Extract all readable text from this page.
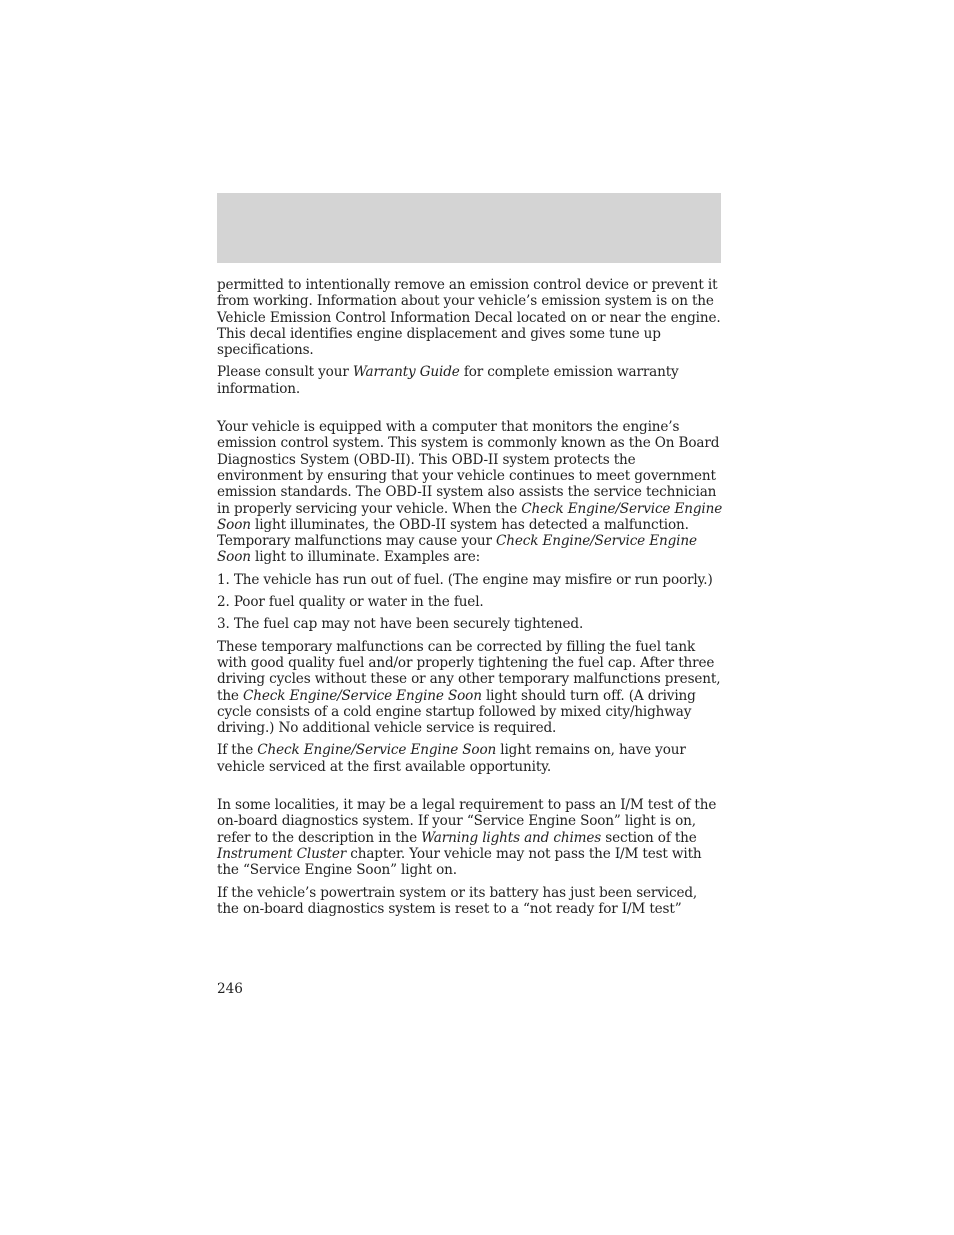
permitted to intentionally remove an emission control device or prevent it from working. Information about your vehicle’s emission system is on the Vehicle Emission Control Information Decal located on or near the engine. This decal identifies engine displacement and gives some tune up specifications.

Please consult your Warranty Guide for complete emission warranty information.

Your vehicle is equipped with a computer that monitors the engine’s emission control system. This system is commonly known as the On Board Diagnostics System (OBD-II). This OBD-II system protects the environment by ensuring that your vehicle continues to meet government emission standards. The OBD-II system also assists the service technician in properly servicing your vehicle. When the Check Engine/Service Engine Soon light illuminates, the OBD-II system has detected a malfunction. Temporary malfunctions may cause your Check Engine/Service Engine Soon light to illuminate. Examples are:

1. The vehicle has run out of fuel. (The engine may misfire or run poorly.)

2. Poor fuel quality or water in the fuel.

3. The fuel cap may not have been securely tightened.

These temporary malfunctions can be corrected by filling the fuel tank with good quality fuel and/or properly tightening the fuel cap. After three driving cycles without these or any other temporary malfunctions present, the Check Engine/Service Engine Soon light should turn off. (A driving cycle consists of a cold engine startup followed by mixed city/highway driving.) No additional vehicle service is required.

If the Check Engine/Service Engine Soon light remains on, have your vehicle serviced at the first available opportunity.

In some localities, it may be a legal requirement to pass an I/M test of the on-board diagnostics system. If your “Service Engine Soon” light is on, refer to the description in the Warning lights and chimes section of the Instrument Cluster chapter. Your vehicle may not pass the I/M test with the “Service Engine Soon” light on.

If the vehicle’s powertrain system or its battery has just been serviced, the on-board diagnostics system is reset to a “not ready for I/M test”

246
